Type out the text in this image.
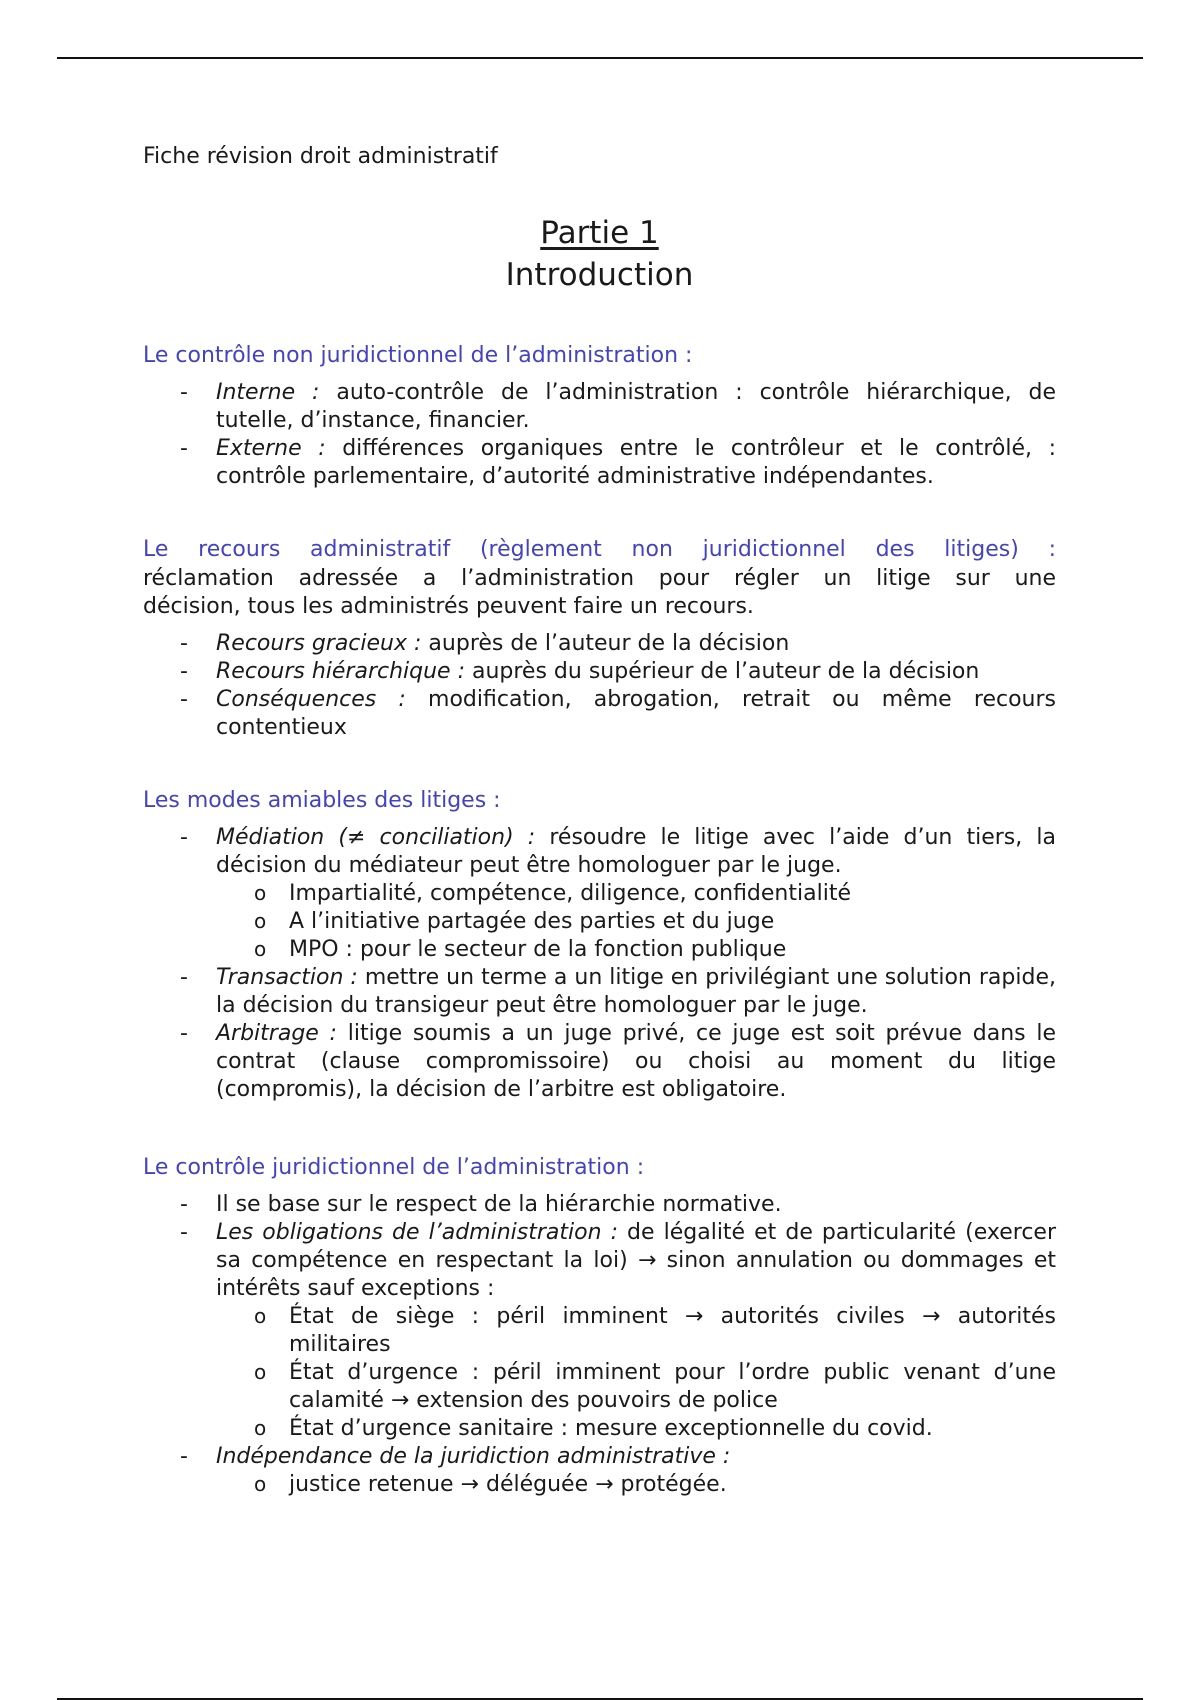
Fiche révision droit administratif
Partie 1
Introduction
Le contrôle non juridictionnel de l’administration :
- Interne : auto-contrôle de l’administration : contrôle hiérarchique, de tutelle, d’instance, financier.
- Externe : différences organiques entre le contrôleur et le contrôlé, : contrôle parlementaire, d’autorité administrative indépendantes.
Le recours administratif (règlement non juridictionnel des litiges) :
réclamation adressée a l’administration pour régler un litige sur une
décision, tous les administrés peuvent faire un recours.
- Recours gracieux : auprès de l’auteur de la décision
- Recours hiérarchique : auprès du supérieur de l’auteur de la décision
- Conséquences : modification, abrogation, retrait ou même recours contentieux
Les modes amiables des litiges :
- Médiation (≠ conciliation) : résoudre le litige avec l’aide d’un tiers, la décision du médiateur peut être homologuer par le juge.
o Impartialité, compétence, diligence, confidentialité
o A l’initiative partagée des parties et du juge
o MPO : pour le secteur de la fonction publique
- Transaction : mettre un terme a un litige en privilégiant une solution rapide, la décision du transigeur peut être homologuer par le juge.
- Arbitrage : litige soumis a un juge privé, ce juge est soit prévue dans le contrat (clause compromissoire) ou choisi au moment du litige (compromis), la décision de l’arbitre est obligatoire.
Le contrôle juridictionnel de l’administration :
- Il se base sur le respect de la hiérarchie normative.
- Les obligations de l’administration : de légalité et de particularité (exercer sa compétence en respectant la loi) → sinon annulation ou dommages et intérêts sauf exceptions :
o État de siège : péril imminent → autorités civiles → autorités militaires
o État d’urgence : péril imminent pour l’ordre public venant d’une calamité → extension des pouvoirs de police
o État d’urgence sanitaire : mesure exceptionnelle du covid.
- Indépendance de la juridiction administrative :
o justice retenue → déléguée → protégée.
